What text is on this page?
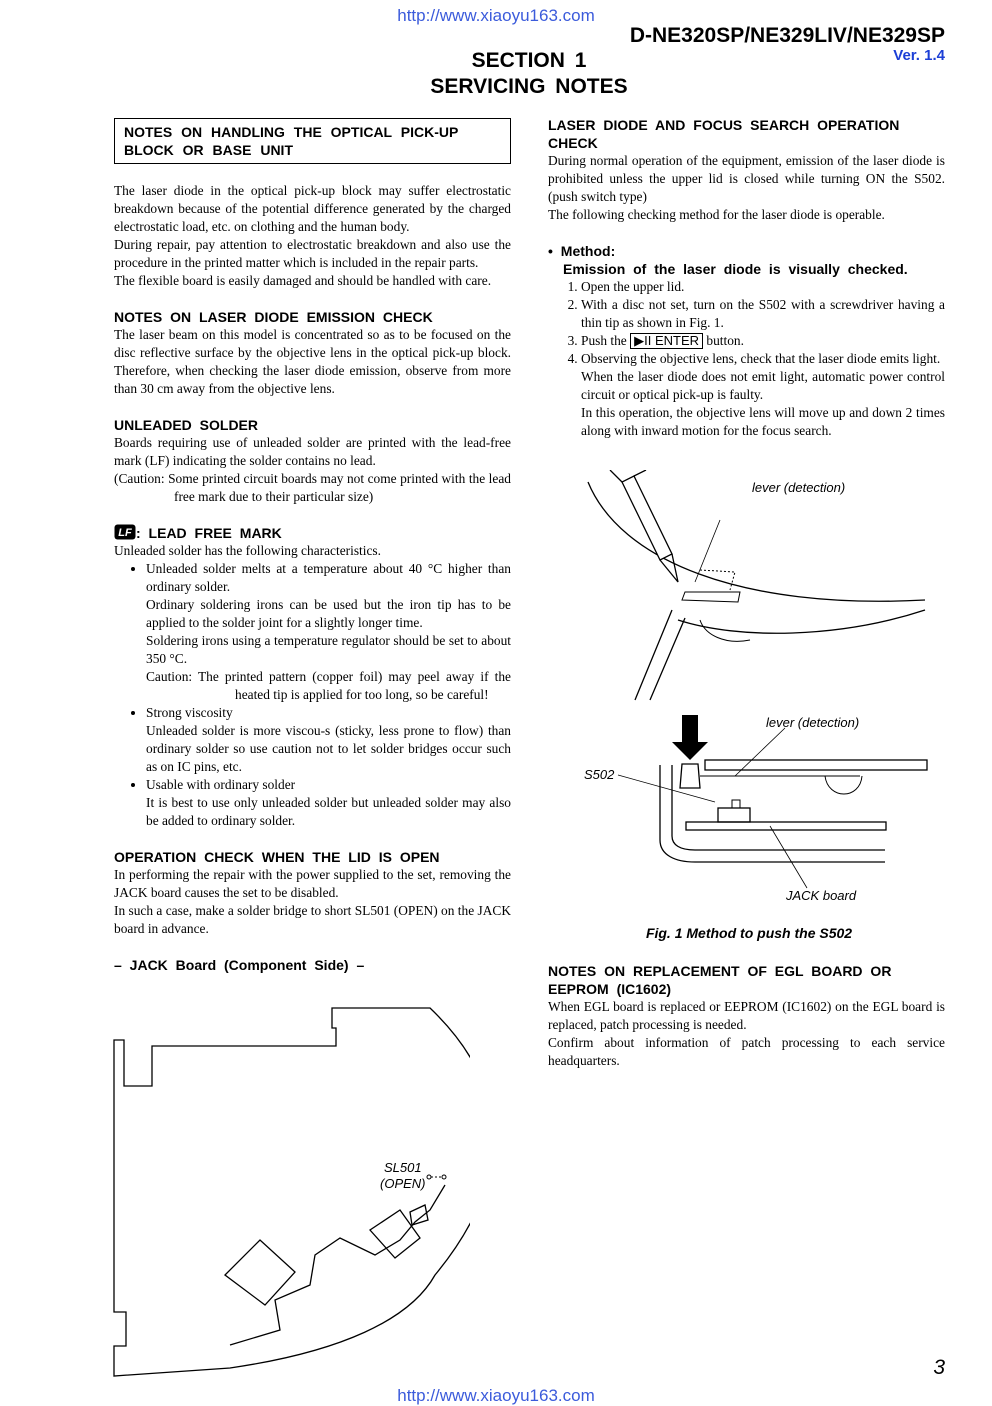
http://www.xiaoyu163.com
D-NE320SP/NE329LIV/NE329SP
Ver. 1.4
SECTION 1
SERVICING NOTES
NOTES ON HANDLING THE OPTICAL PICK-UP BLOCK OR BASE UNIT

The laser diode in the optical pick-up block may suffer electrostatic breakdown because of the potential difference generated by the charged electrostatic load, etc. on clothing and the human body.

During repair, pay attention to electrostatic breakdown and also use the procedure in the printed matter which is included in the repair parts.

The flexible board is easily damaged and should be handled with care.

NOTES ON LASER DIODE EMISSION CHECK

The laser beam on this model is concentrated so as to be focused on the disc reflective surface by the objective lens in the optical pick-up block. Therefore, when checking the laser diode emission, observe from more than 30 cm away from the objective lens.

UNLEADED SOLDER

Boards requiring use of unleaded solder are printed with the lead-free mark (LF) indicating the solder contains no lead.

(Caution: Some printed circuit boards may not come printed with the lead free mark due to their particular size)

LF : LEAD FREE MARK

Unleaded solder has the following characteristics.

• Unleaded solder melts at a temperature about 40 °C higher than ordinary solder.
Ordinary soldering irons can be used but the iron tip has to be applied to the solder joint for a slightly longer time.
Soldering irons using a temperature regulator should be set to about 350 °C.
Caution: The printed pattern (copper foil) may peel away if the heated tip is applied for too long, so be careful!
• Strong viscosity
Unleaded solder is more viscou-s (sticky, less prone to flow) than ordinary solder so use caution not to let solder bridges occur such as on IC pins, etc.
• Usable with ordinary solder
It is best to use only unleaded solder but unleaded solder may also be added to ordinary solder.
OPERATION CHECK WHEN THE LID IS OPEN

In performing the repair with the power supplied to the set, removing the JACK board causes the set to be disabled.

In such a case, make a solder bridge to short SL501 (OPEN) on the JACK board in advance.

– JACK Board (Component Side) –
SL501
(OPEN)
LASER DIODE AND FOCUS SEARCH OPERATION CHECK

During normal operation of the equipment, emission of the laser diode is prohibited unless the upper lid is closed while turning ON the S502. (push switch type)

The following checking method for the laser diode is operable.

• Method:
Emission of the laser diode is visually checked.
1. Open the upper lid.
2. With a disc not set, turn on the S502 with a screwdriver having a thin tip as shown in Fig. 1.
3. Push the ▶II ENTER button.
4. Observing the objective lens, check that the laser diode emits light.
When the laser diode does not emit light, automatic power control circuit or optical pick-up is faulty.
In this operation, the objective lens will move up and down 2 times along with inward motion for the focus search.
lever (detection)
lever (detection)
S502
JACK board
Fig. 1 Method to push the S502
NOTES ON REPLACEMENT OF EGL BOARD OR EEPROM (IC1602)

When EGL board is replaced or EEPROM (IC1602) on the EGL board is replaced, patch processing is needed.

Confirm about information of patch processing to each service headquarters.

3
http://www.xiaoyu163.com
